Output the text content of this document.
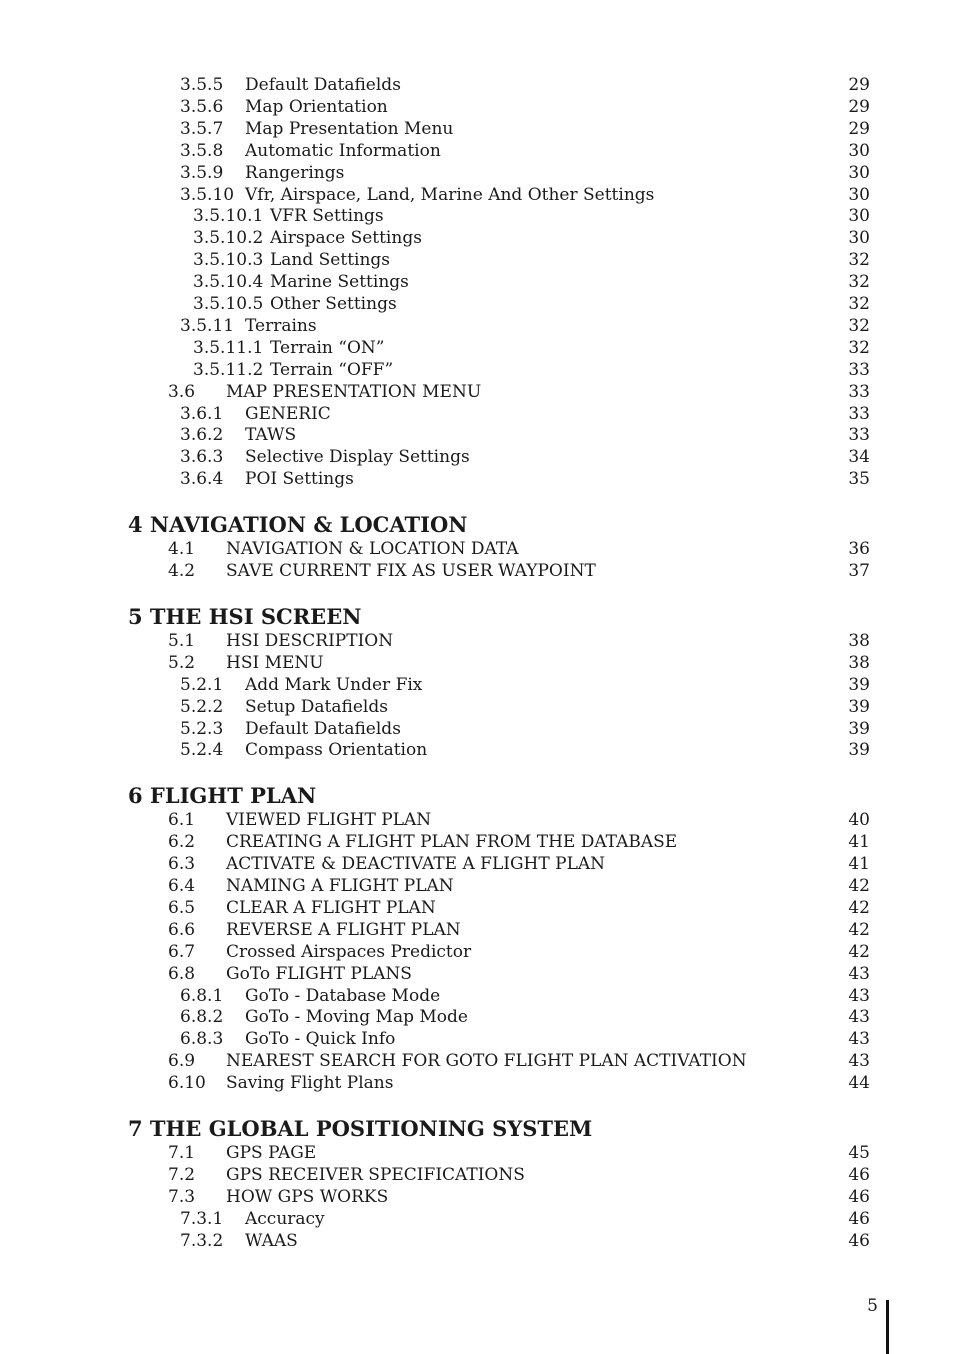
3.5.5 Default Datafields	29
3.5.6 Map Orientation	29
3.5.7 Map Presentation Menu	29
3.5.8 Automatic Information	30
3.5.9 Rangerings	30
3.5.10 Vfr, Airspace, Land, Marine And Other Settings	30
3.5.10.1 VFR Settings	30
3.5.10.2 Airspace Settings	30
3.5.10.3 Land Settings	32
3.5.10.4 Marine Settings	32
3.5.10.5 Other Settings	32
3.5.11 Terrains	32
3.5.11.1 Terrain “ON”	32
3.5.11.2 Terrain “OFF”	33
3.6 MAP PRESENTATION MENU	33
3.6.1 GENERIC	33
3.6.2 TAWS	33
3.6.3 Selective Display Settings	34
3.6.4 POI Settings	35
4 NAVIGATION & LOCATION
4.1 NAVIGATION & LOCATION DATA	36
4.2 SAVE CURRENT FIX AS USER WAYPOINT	37
5 THE HSI SCREEN
5.1 HSI DESCRIPTION	38
5.2 HSI MENU	38
5.2.1 Add Mark Under Fix	39
5.2.2 Setup Datafields	39
5.2.3 Default Datafields	39
5.2.4 Compass Orientation	39
6 FLIGHT PLAN
6.1 VIEWED FLIGHT PLAN	40
6.2 CREATING A FLIGHT PLAN FROM THE DATABASE	41
6.3 ACTIVATE & DEACTIVATE A FLIGHT PLAN	41
6.4 NAMING A FLIGHT PLAN	42
6.5 CLEAR A FLIGHT PLAN	42
6.6 REVERSE A FLIGHT PLAN	42
6.7 Crossed Airspaces Predictor	42
6.8 GoTo FLIGHT PLANS	43
6.8.1 GoTo - Database Mode	43
6.8.2 GoTo - Moving Map Mode	43
6.8.3 GoTo - Quick Info	43
6.9 NEAREST SEARCH FOR GOTO FLIGHT PLAN ACTIVATION	43
6.10 Saving Flight Plans	44
7 THE GLOBAL POSITIONING SYSTEM
7.1 GPS PAGE	45
7.2 GPS RECEIVER SPECIFICATIONS	46
7.3 HOW GPS WORKS	46
7.3.1 Accuracy	46
7.3.2 WAAS	46
5
